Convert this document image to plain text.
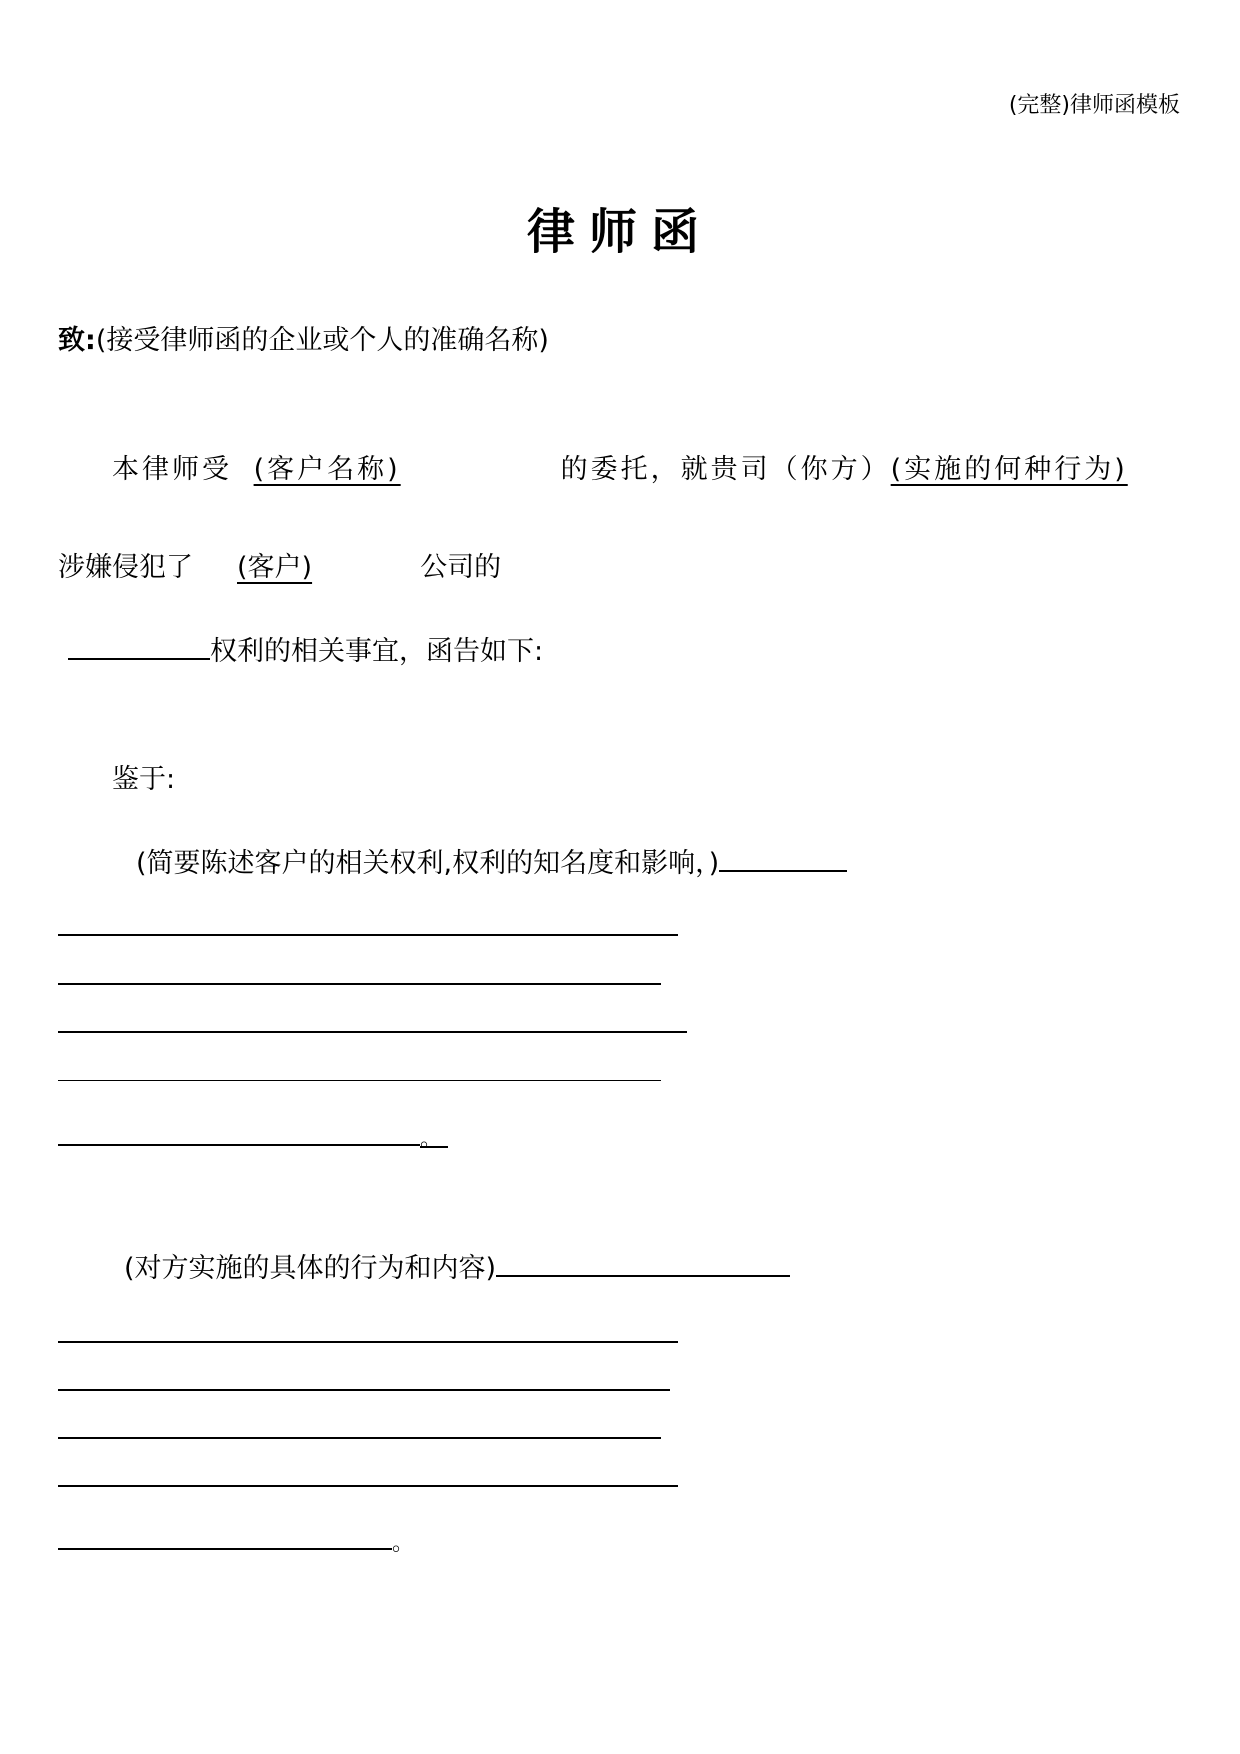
(完整)律师函模板
律师函
致:(接受律师函的企业或个人的准确名称)
本律师受 (客户名称)	的委托，就贵司（你方）(实施的何种行为)
涉嫌侵犯了 (客户)	公司的
权利的相关事宜，函告如下:
鉴于:
(简要陈述客户的相关权利,权利的知名度和影响，)
。
(对方实施的具体的行为和内容)
。
